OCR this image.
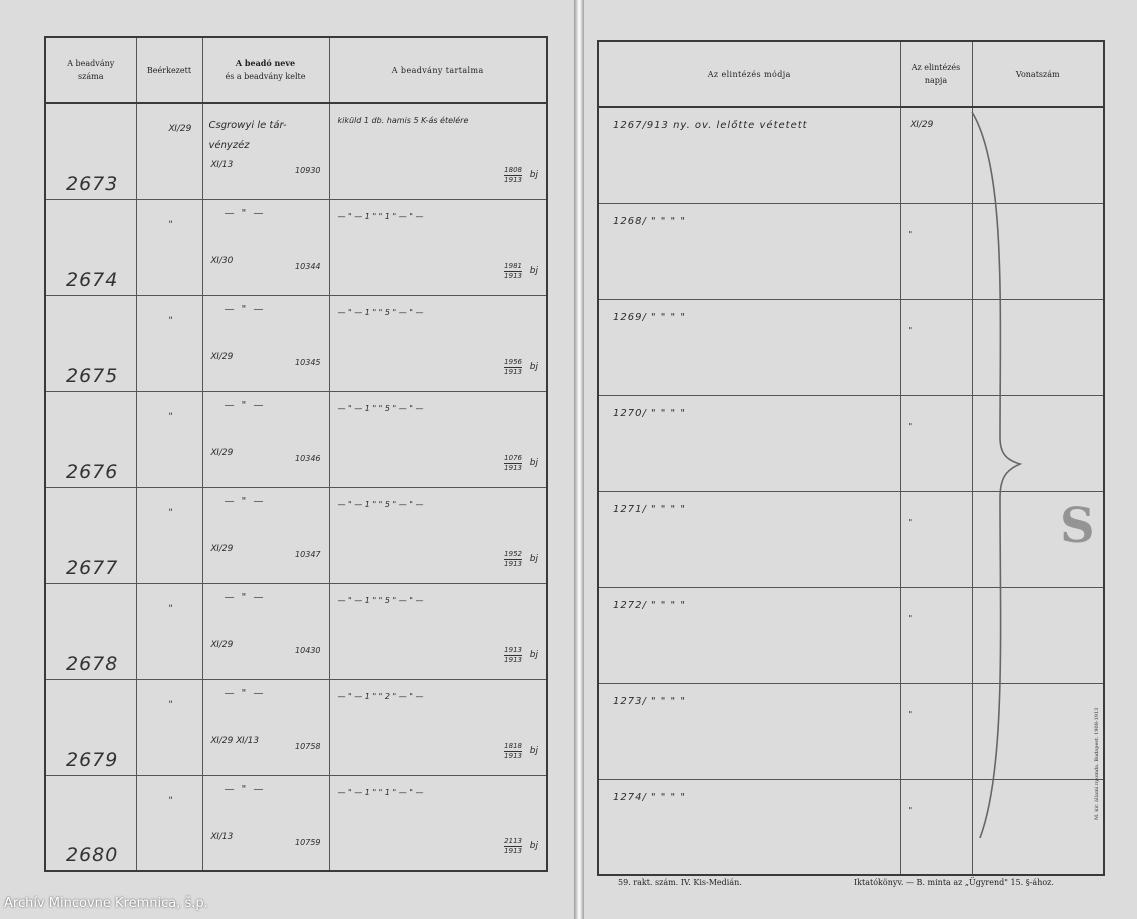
A beadvány
száma	Beérkezett	A beadó neve
és a beadvány kelte	A beadvány tartalma

2673	Ⅺ/29	Csgrowyi le tár-
vényzéz
Ⅺ/13
10930	kiküld 1 db. hamis 5 K-ás ételére
1808
1913 bj

2674	"	— " —
Ⅺ/30
10344	— " — 1 " " 1 " — " —
1981
1913 bj

2675	"	— " —
Ⅺ/29
10345	— " — 1 " " 5 " — " —
1956
1913 bj

2676	"	— " —
Ⅺ/29
10346	— " — 1 " " 5 " — " —
1076
1913 bj

2677	"	— " —
Ⅺ/29
10347	— " — 1 " " 5 " — " —
1952
1913 bj

2678	"	— " —
Ⅺ/29
10430	— " — 1 " " 5 " — " —
1913
1913 bj

2679	"	— " —
Ⅺ/29 Ⅺ/13
10758	— " — 1 " " 2 " — " —
1818
1913 bj

2680	"	— " —
Ⅺ/13
10759	— " — 1 " " 1 " — " —
2113
1913 bj
Az elintézés módja	Az elintézés
napja	Vonatszám

1267/913 ny. ov. lelőtte vétetett	Ⅺ/29	

1268/ " " " "	"	

1269/ " " " "	"	

1270/ " " " "	"	

1271/ " " " "	"	

1272/ " " " "	"	

1273/ " " " "	"	

1274/ " " " "	"	

S
M. kir. állami nyomda. Budapest. 1908-1913
59. rakt. szám. IV. Kis-Medián.	Iktatókönyv. — B. minta az „Ügyrend" 15. §-ához.
Archív Mincovne Kremnica, š.p.
